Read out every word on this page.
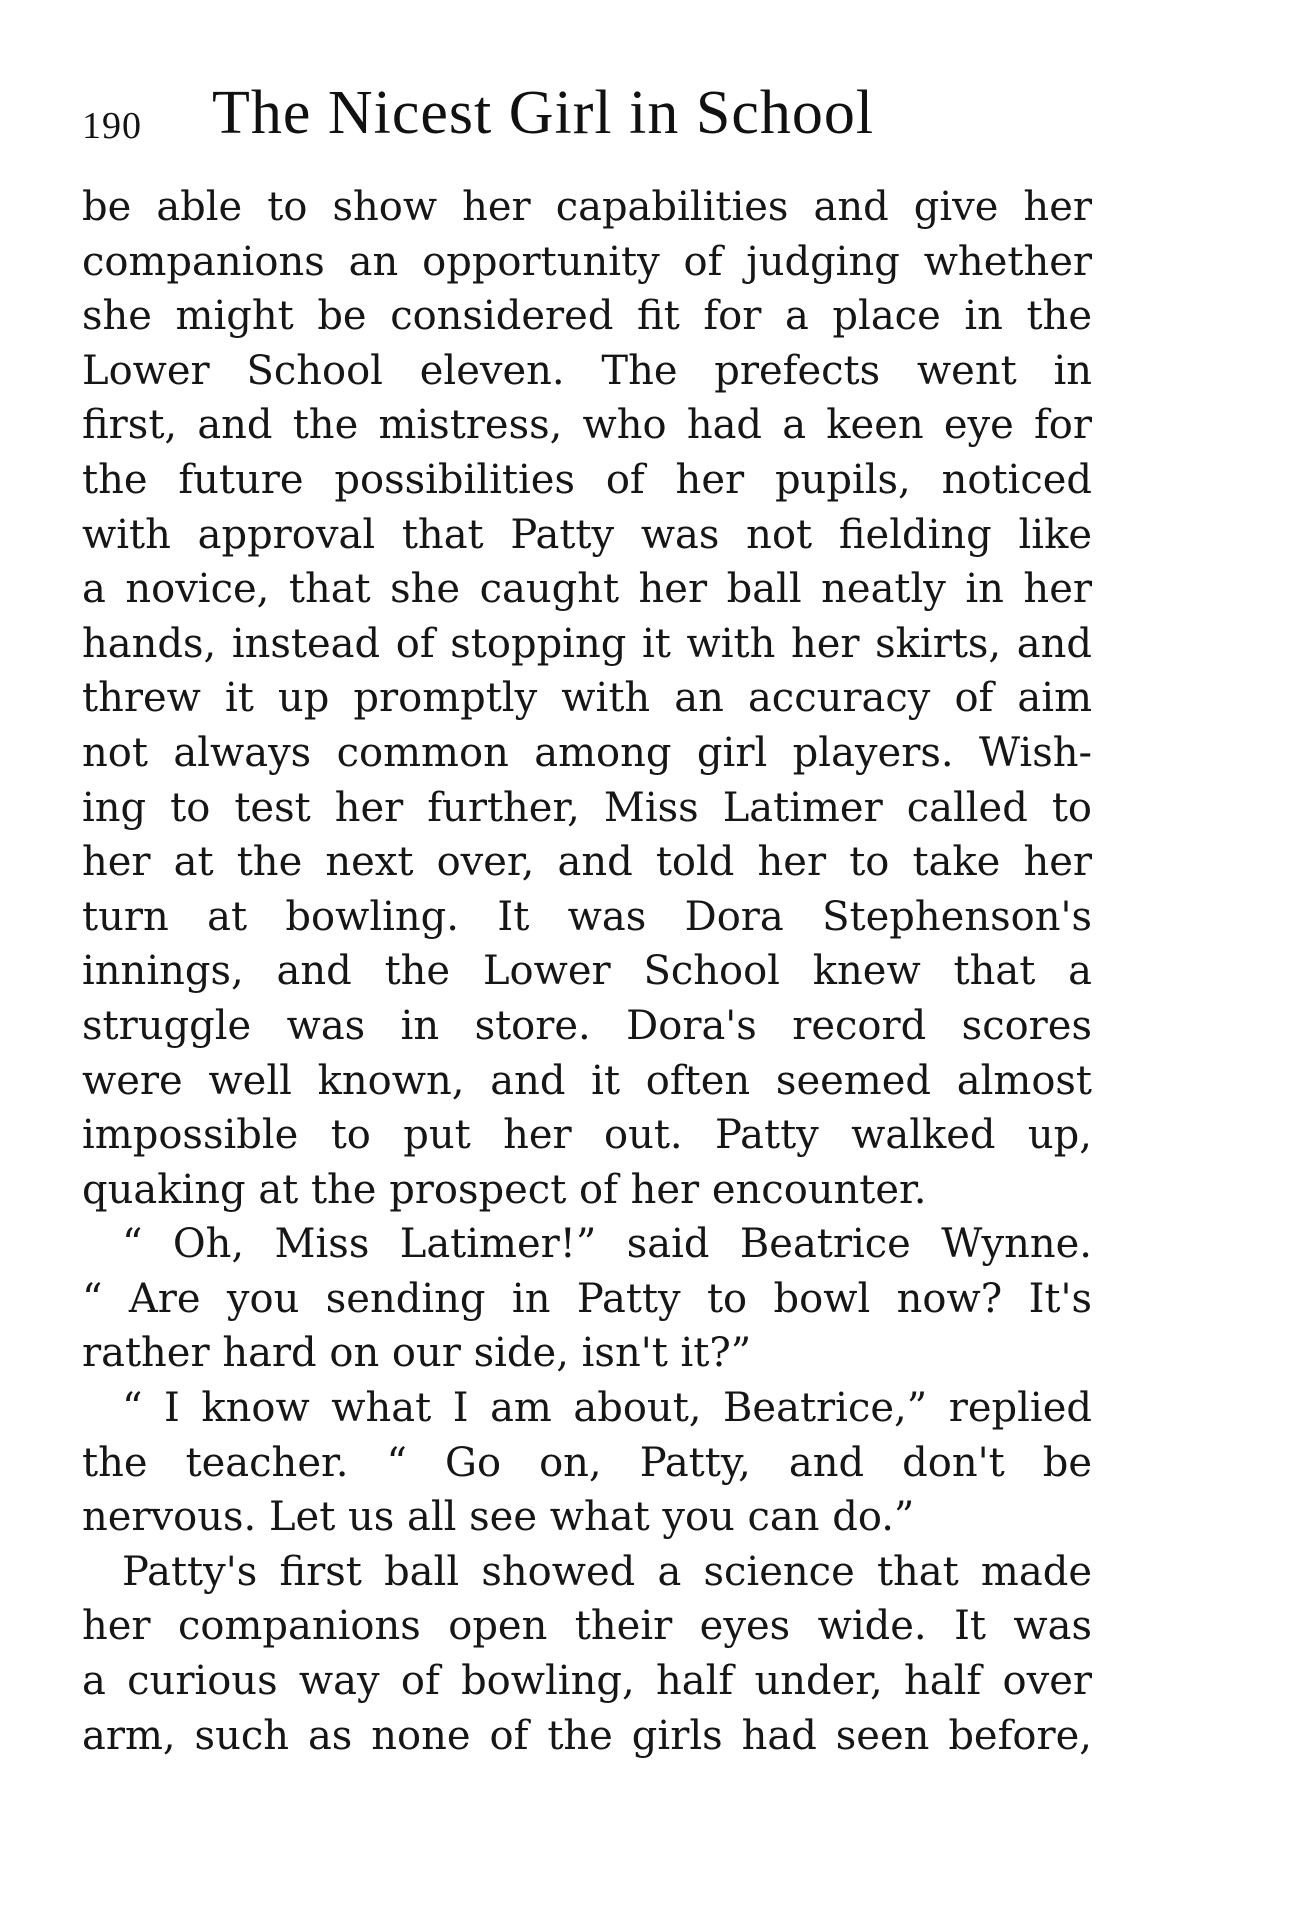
190 The Nicest Girl in School
be able to show her capabilities and give her
companions an opportunity of judging whether
she might be considered fit for a place in the
Lower School eleven. The prefects went in
first, and the mistress, who had a keen eye for
the future possibilities of her pupils, noticed
with approval that Patty was not fielding like
a novice, that she caught her ball neatly in her
hands, instead of stopping it with her skirts, and
threw it up promptly with an accuracy of aim
not always common among girl players. Wish-
ing to test her further, Miss Latimer called to
her at the next over, and told her to take her
turn at bowling. It was Dora Stephenson's
innings, and the Lower School knew that a
struggle was in store. Dora's record scores
were well known, and it often seemed almost
impossible to put her out. Patty walked up,
quaking at the prospect of her encounter.
“ Oh, Miss Latimer!” said Beatrice Wynne.
“ Are you sending in Patty to bowl now? It's
rather hard on our side, isn't it?”
“ I know what I am about, Beatrice,” replied
the teacher. “ Go on, Patty, and don't be
nervous. Let us all see what you can do.”
Patty's first ball showed a science that made
her companions open their eyes wide. It was
a curious way of bowling, half under, half over
arm, such as none of the girls had seen before,
